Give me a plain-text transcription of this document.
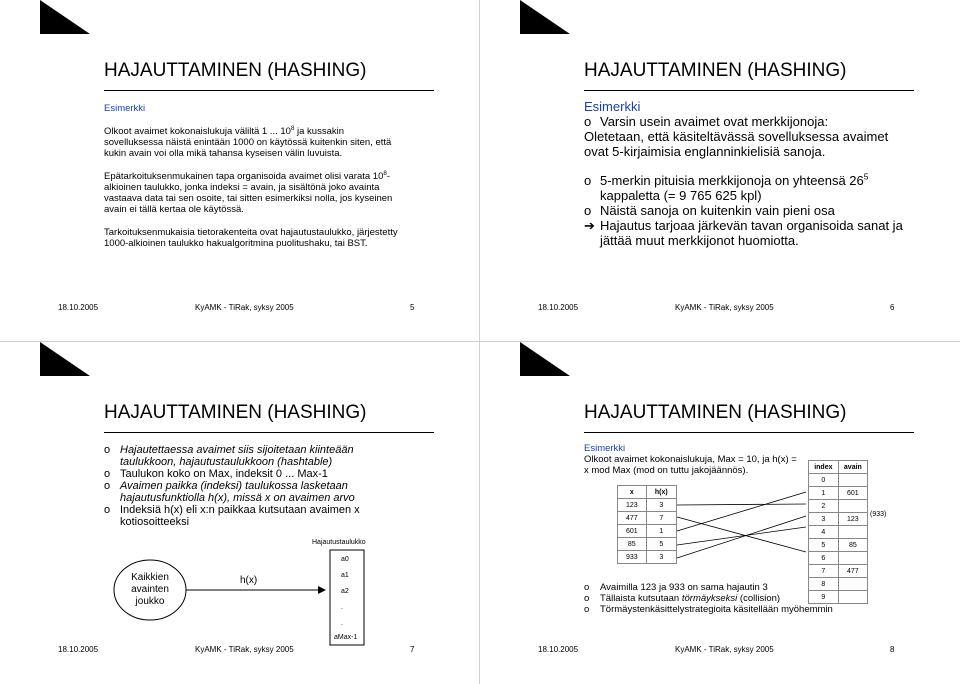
HAJAUTTAMINEN (HASHING)
Esimerkki
Olkoot avaimet kokonaislukuja väliltä 1 ... $10^8$ ja kussakin sovelluksessa näistä enintään 1000 on käytössä kuitenkin siten, että kukin avain voi olla mikä tahansa kyseisen välin luvuista.
Epätarkoituksenmukainen tapa organisoida avaimet olisi varata $10^8$-alkioinen taulukko, jonka indeksi = avain, ja sisältönä joko avainta vastaava data tai sen osoite, tai sitten esimerkiksi nolla, jos kyseinen avain ei tällä kertaa ole käytössä.
Tarkoituksenmukaisia tietorakenteita ovat hajautustaulukko, järjestetty 1000-alkioinen taulukko hakualgoritmina puolitushaku, tai BST.
18.10.2005	KyAMK - TiRak, syksy 2005	5
HAJAUTTAMINEN (HASHING)
Esimerkki
o Varsin usein avaimet ovat merkkijonoja:
Oletetaan, että käsiteltävässä sovelluksessa avaimet ovat 5-kirjaimisia englanninkielisiä sanoja.
o 5-merkin pituisia merkkijonoja on yhteensä $26^5$ kappaletta (= 9 765 625 kpl)
o Näistä sanoja on kuitenkin vain pieni osa
➔ Hajautus tarjoaa järkevän tavan organisoida sanat ja jättää muut merkkijonot huomiotta.
18.10.2005	KyAMK - TiRak, syksy 2005	6
HAJAUTTAMINEN (HASHING)
o Hajautettaessa avaimet siis sijoitetaan kiinteään taulukkoon, hajautustaulukkoon (hashtable)
o Taulukon koko on Max, indeksit 0 ... Max-1
o Avaimen paikka (indeksi) taulukossa lasketaan hajautusfunktiolla h(x), missä x on avaimen arvo
o Indeksiä h(x) eli x:n paikkaa kutsutaan avaimen x kotiosoitteeksi
Kaikkien avainten joukko
h(x)
Hajautustaulukko
a0
a1
a2
.
.
aMax-1
18.10.2005	KyAMK - TiRak, syksy 2005	7
HAJAUTTAMINEN (HASHING)
Esimerkki
Olkoot avaimet kokonaislukuja, Max = 10, ja h(x) = x mod Max (mod on tuttu jakojäännös).
x	h(x)
123	3
477	7
601	1
85	5
933	3
index	avain
0	
1	601
2	
3	123
4	
5	85
6	
7	477
8	
9	
(933)
o Avaimilla 123 ja 933 on sama hajautin 3
o Tällaista kutsutaan törmäykseksi (collision)
o Törmäystenkäsittelystrategioita käsitellään myöhemmin
18.10.2005	KyAMK - TiRak, syksy 2005	8
